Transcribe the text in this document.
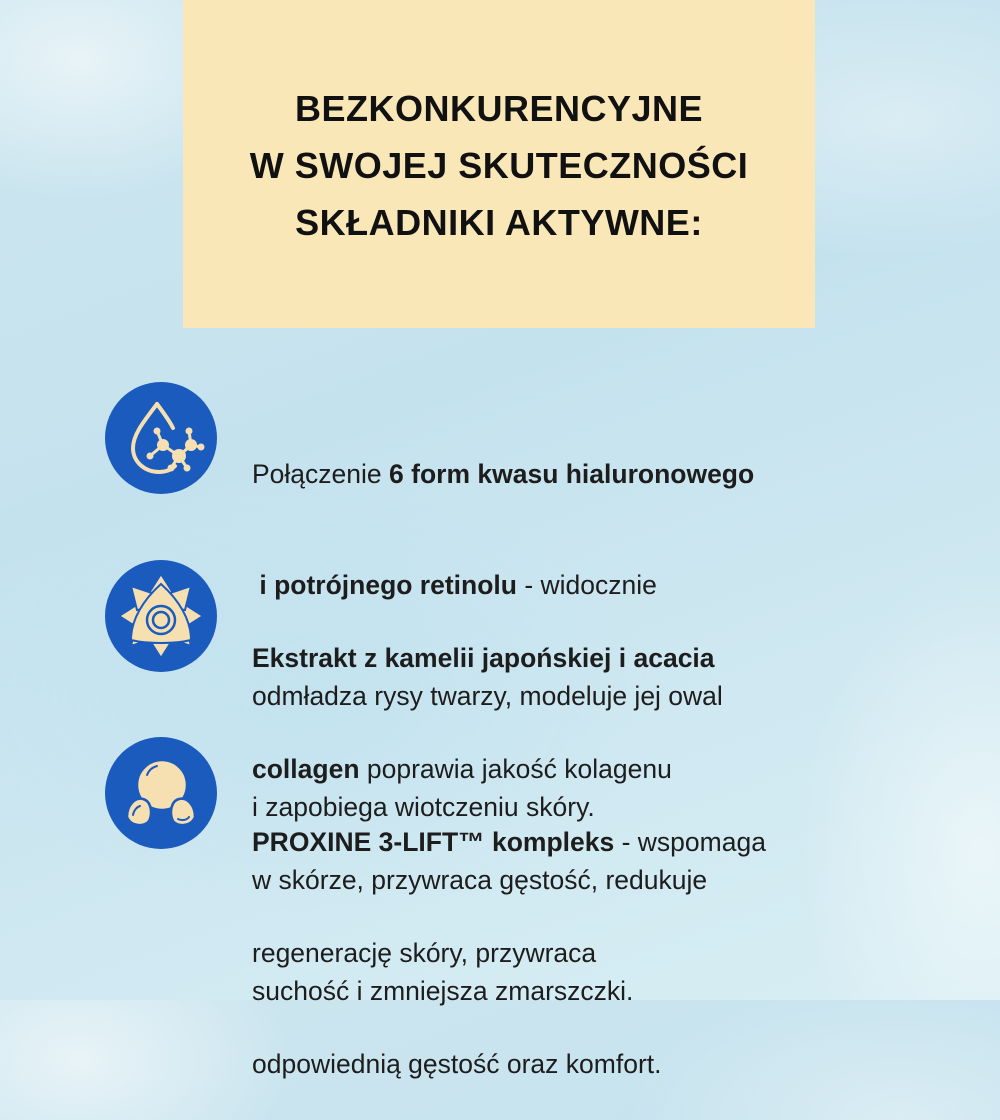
BEZKONKURENCYJNE
W SWOJEJ SKUTECZNOŚCI
SKŁADNIKI AKTYWNE:

Połączenie 6 form kwasu hialuronowego

i potrójnego retinolu - widocznie

odmładza rysy twarzy, modeluje jej owal

i zapobiega wiotczeniu skóry.

Ekstrakt z kamelii japońskiej i acacia

collagen poprawia jakość kolagenu

w skórze, przywraca gęstość, redukuje

suchość i zmniejsza zmarszczki.

PROXINE 3-LIFT™ kompleks - wspomaga

regenerację skóry, przywraca

odpowiednią gęstość oraz komfort.
